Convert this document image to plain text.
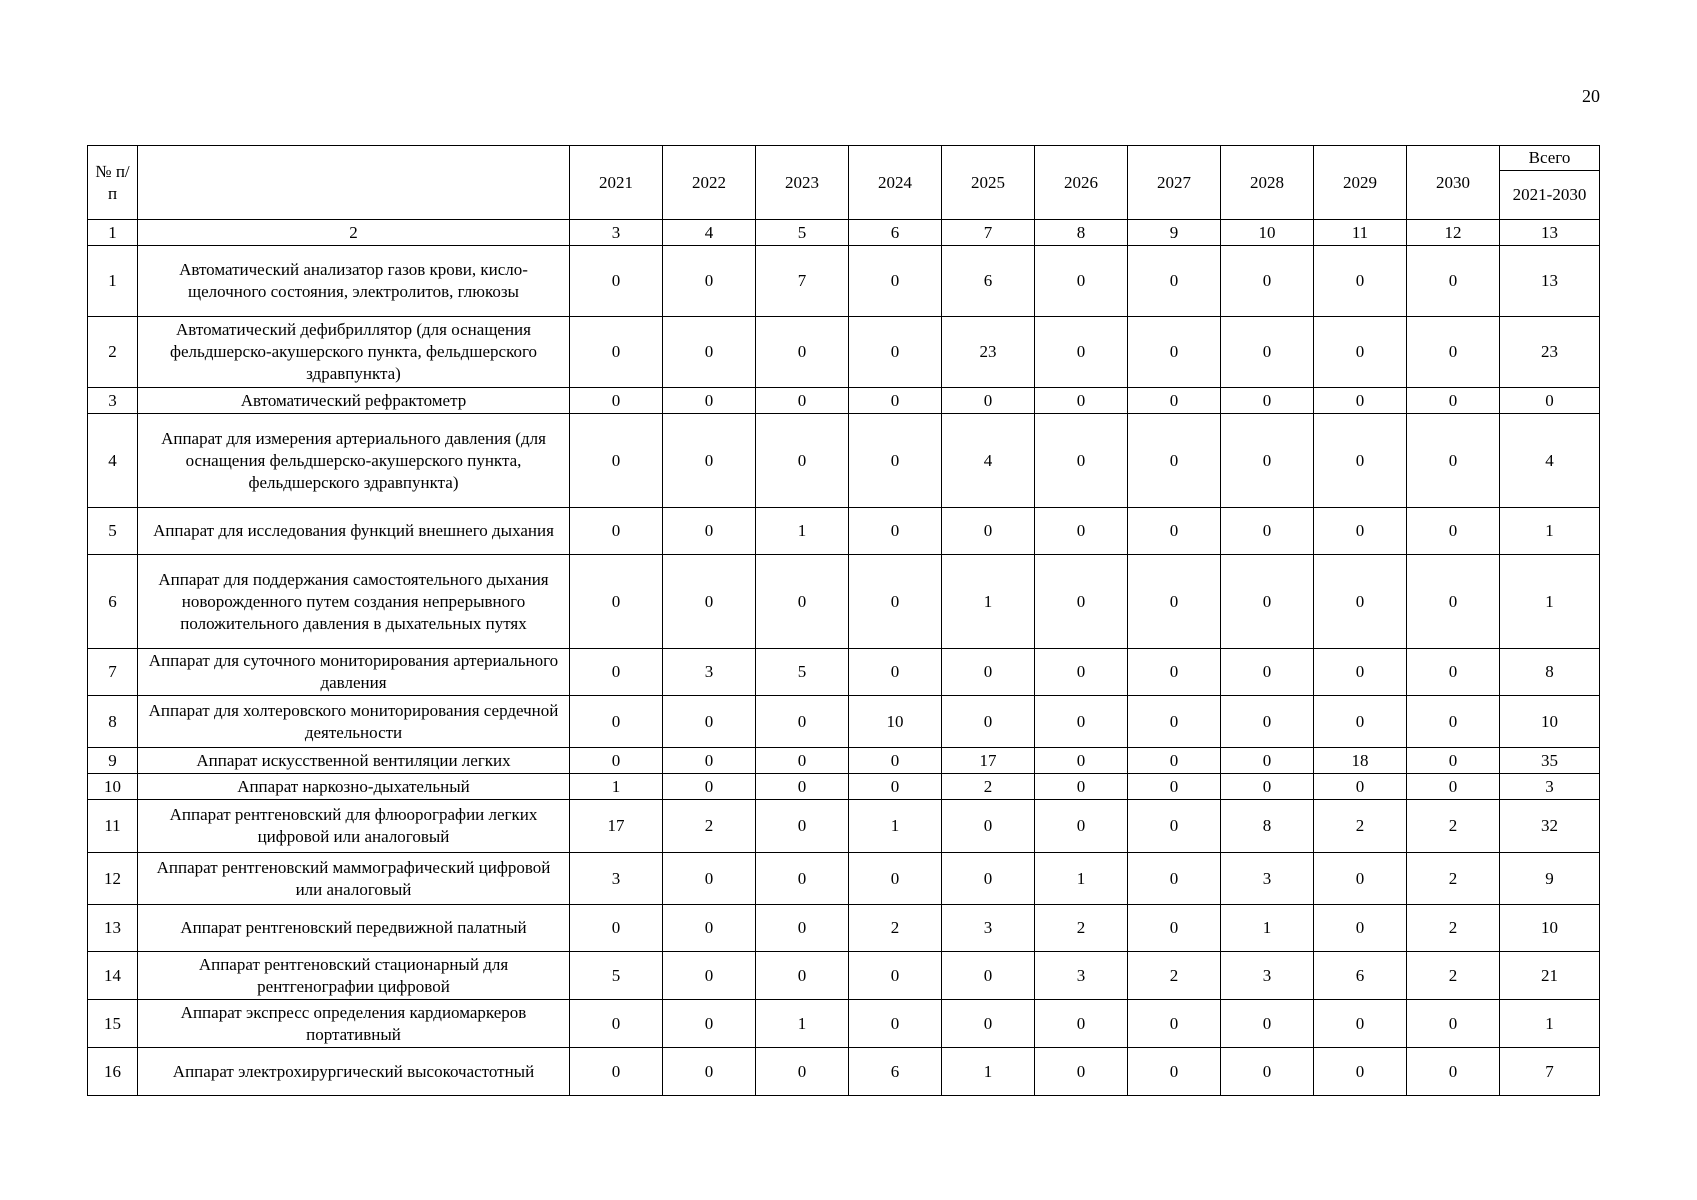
20
№ п/п		2021	2022	2023	2024	2025	2026	2027	2028	2029	2030	Всего
												2021-2030
1	2	3	4	5	6	7	8	9	10	11	12	13
1	Автоматический анализатор газов крови, кисло-щелочного состояния, электролитов, глюкозы	0	0	7	0	6	0	0	0	0	0	13
2	Автоматический дефибриллятор (для оснащения фельдшерско-акушерского пункта, фельдшерского здравпункта)	0	0	0	0	23	0	0	0	0	0	23
3	Автоматический рефрактометр	0	0	0	0	0	0	0	0	0	0	0
4	Аппарат для измерения артериального давления (для оснащения фельдшерско-акушерского пункта, фельдшерского здравпункта)	0	0	0	0	4	0	0	0	0	0	4
5	Аппарат для исследования функций внешнего дыхания	0	0	1	0	0	0	0	0	0	0	1
6	Аппарат для поддержания самостоятельного дыхания новорожденного путем создания непрерывного положительного давления в дыхательных путях	0	0	0	0	1	0	0	0	0	0	1
7	Аппарат для суточного мониторирования артериального давления	0	3	5	0	0	0	0	0	0	0	8
8	Аппарат для холтеровского мониторирования сердечной деятельности	0	0	0	10	0	0	0	0	0	0	10
9	Аппарат искусственной вентиляции легких	0	0	0	0	17	0	0	0	18	0	35
10	Аппарат наркозно-дыхательный	1	0	0	0	2	0	0	0	0	0	3
11	Аппарат рентгеновский для флюорографии легких цифровой или аналоговый	17	2	0	1	0	0	0	8	2	2	32
12	Аппарат рентгеновский маммографический цифровой или аналоговый	3	0	0	0	0	1	0	3	0	2	9
13	Аппарат рентгеновский передвижной палатный	0	0	0	2	3	2	0	1	0	2	10
14	Аппарат рентгеновский стационарный для рентгенографии цифровой	5	0	0	0	0	3	2	3	6	2	21
15	Аппарат экспресс определения кардиомаркеров портативный	0	0	1	0	0	0	0	0	0	0	1
16	Аппарат электрохирургический высокочастотный	0	0	0	6	1	0	0	0	0	0	7
